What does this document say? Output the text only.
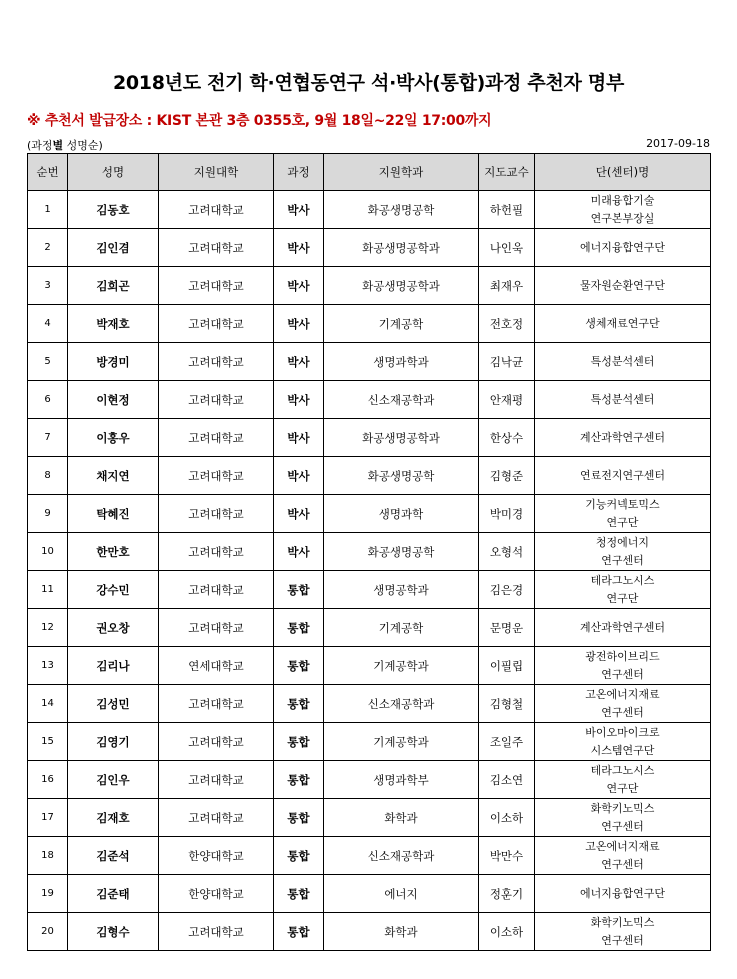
2018년도 전기 학·연협동연구 석·박사(통합)과정 추천자 명부
※ 추천서 발급장소 : KIST 본관 3층 0355호, 9월 18일~22일 17:00까지
(과정별 성명순)	2017-09-18
순번	성명	지원대학	과정	지원학과	지도교수	단(센터)명
1	김동호	고려대학교	박사	화공생명공학	하헌필	미래융합기술
연구본부장실

2	김인겸	고려대학교	박사	화공생명공학과	나인욱	에너지융합연구단

3	김희곤	고려대학교	박사	화공생명공학과	최재우	물자원순환연구단

4	박재호	고려대학교	박사	기계공학	전호정	생체재료연구단

5	방경미	고려대학교	박사	생명과학과	김낙균	특성분석센터

6	이현정	고려대학교	박사	신소재공학과	안재평	특성분석센터

7	이홍우	고려대학교	박사	화공생명공학과	한상수	계산과학연구센터

8	채지연	고려대학교	박사	화공생명공학	김형준	연료전지연구센터

9	탁혜진	고려대학교	박사	생명과학	박미경	기능커넥토믹스
연구단

10	한만호	고려대학교	박사	화공생명공학	오형석	청정에너지
연구센터

11	강수민	고려대학교	통합	생명공학과	김은경	테라그노시스
연구단

12	권오창	고려대학교	통합	기계공학	문명운	계산과학연구센터

13	김리나	연세대학교	통합	기계공학과	이필립	광전하이브리드
연구센터

14	김성민	고려대학교	통합	신소재공학과	김형철	고온에너지재료
연구센터

15	김영기	고려대학교	통합	기계공학과	조일주	바이오마이크로
시스템연구단

16	김인우	고려대학교	통합	생명과학부	김소연	테라그노시스
연구단

17	김재호	고려대학교	통합	화학과	이소하	화학키노믹스
연구센터

18	김준석	한양대학교	통합	신소재공학과	박만수	고온에너지재료
연구센터

19	김준태	한양대학교	통합	에너지	정훈기	에너지융합연구단

20	김형수	고려대학교	통합	화학과	이소하	화학키노믹스
연구센터
